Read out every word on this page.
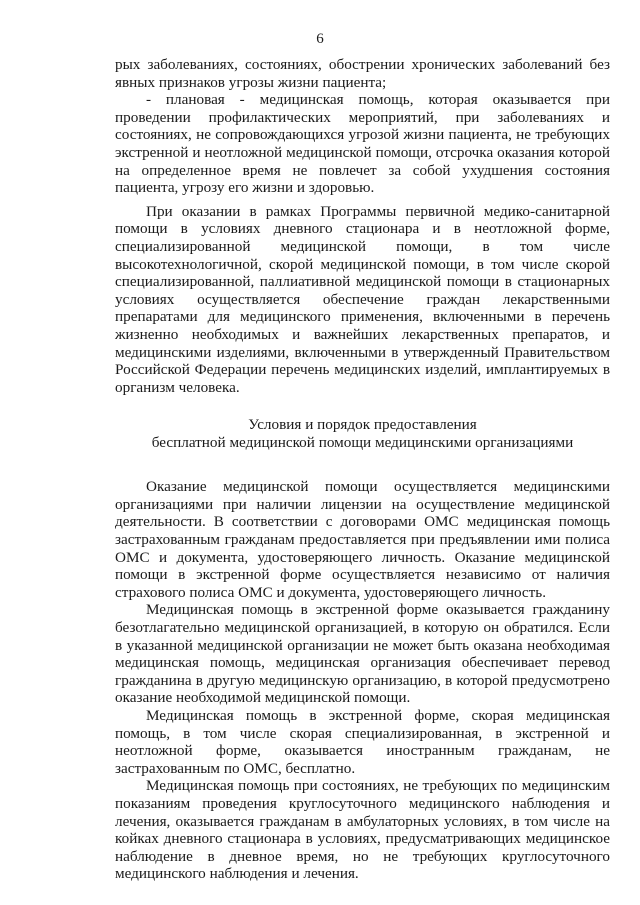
6

рых заболеваниях, состояниях, обострении хронических заболеваний без явных признаков угрозы жизни пациента;

- плановая - медицинская помощь, которая оказывается при проведении профилактических мероприятий, при заболеваниях и состояниях, не сопровождающихся угрозой жизни пациента, не требующих экстренной и неотложной медицинской помощи, отсрочка оказания которой на определенное время не повлечет за собой ухудшения состояния пациента, угрозу его жизни и здоровью.

При оказании в рамках Программы первичной медико-санитарной помощи в условиях дневного стационара и в неотложной форме, специализированной медицинской помощи, в том числе высокотехнологичной, скорой медицинской помощи, в том числе скорой специализированной, паллиативной медицинской помощи в стационарных условиях осуществляется обеспечение граждан лекарственными препаратами для медицинского применения, включенными в перечень жизненно необходимых и важнейших лекарственных препаратов, и медицинскими изделиями, включенными в утвержденный Правительством Российской Федерации перечень медицинских изделий, имплантируемых в организм человека.

Условия и порядок предоставления
бесплатной медицинской помощи медицинскими организациями

Оказание медицинской помощи осуществляется медицинскими организациями при наличии лицензии на осуществление медицинской деятельности. В соответствии с договорами ОМС медицинская помощь застрахованным гражданам предоставляется при предъявлении ими полиса ОМС и документа, удостоверяющего личность. Оказание медицинской помощи в экстренной форме осуществляется независимо от наличия страхового полиса ОМС и документа, удостоверяющего личность.

Медицинская помощь в экстренной форме оказывается гражданину безотлагательно медицинской организацией, в которую он обратился. Если в указанной медицинской организации не может быть оказана необходимая медицинская помощь, медицинская организация обеспечивает перевод гражданина в другую медицинскую организацию, в которой предусмотрено оказание необходимой медицинской помощи.

Медицинская помощь в экстренной форме, скорая медицинская помощь, в том числе скорая специализированная, в экстренной и неотложной форме, оказывается иностранным гражданам, не застрахованным по ОМС, бесплатно.

Медицинская помощь при состояниях, не требующих по медицинским показаниям проведения круглосуточного медицинского наблюдения и лечения, оказывается гражданам в амбулаторных условиях, в том числе на койках дневного стационара в условиях, предусматривающих медицинское наблюдение в дневное время, но не требующих круглосуточного медицинского наблюдения и лечения.
